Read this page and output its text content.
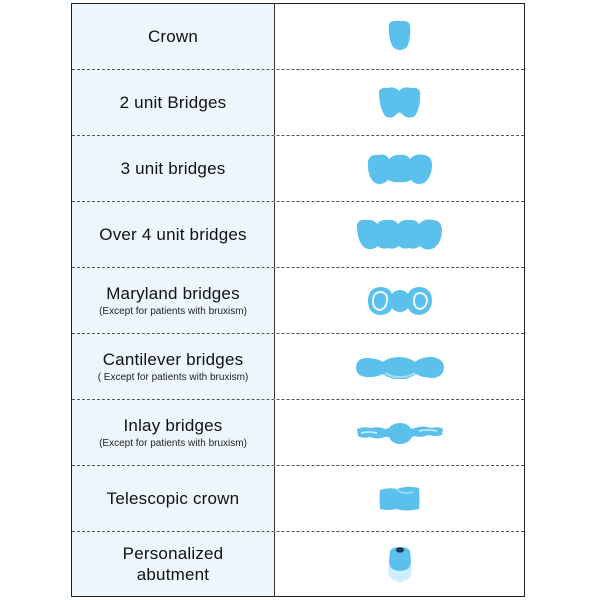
Crown
2 unit Bridges
3 unit bridges
Over 4 unit bridges
Maryland bridges
(Except for patients with bruxism)
Cantilever bridges
( Except for patients with bruxism)
Inlay bridges
(Except for patients with bruxism)
Telescopic crown
Personalized abutment
